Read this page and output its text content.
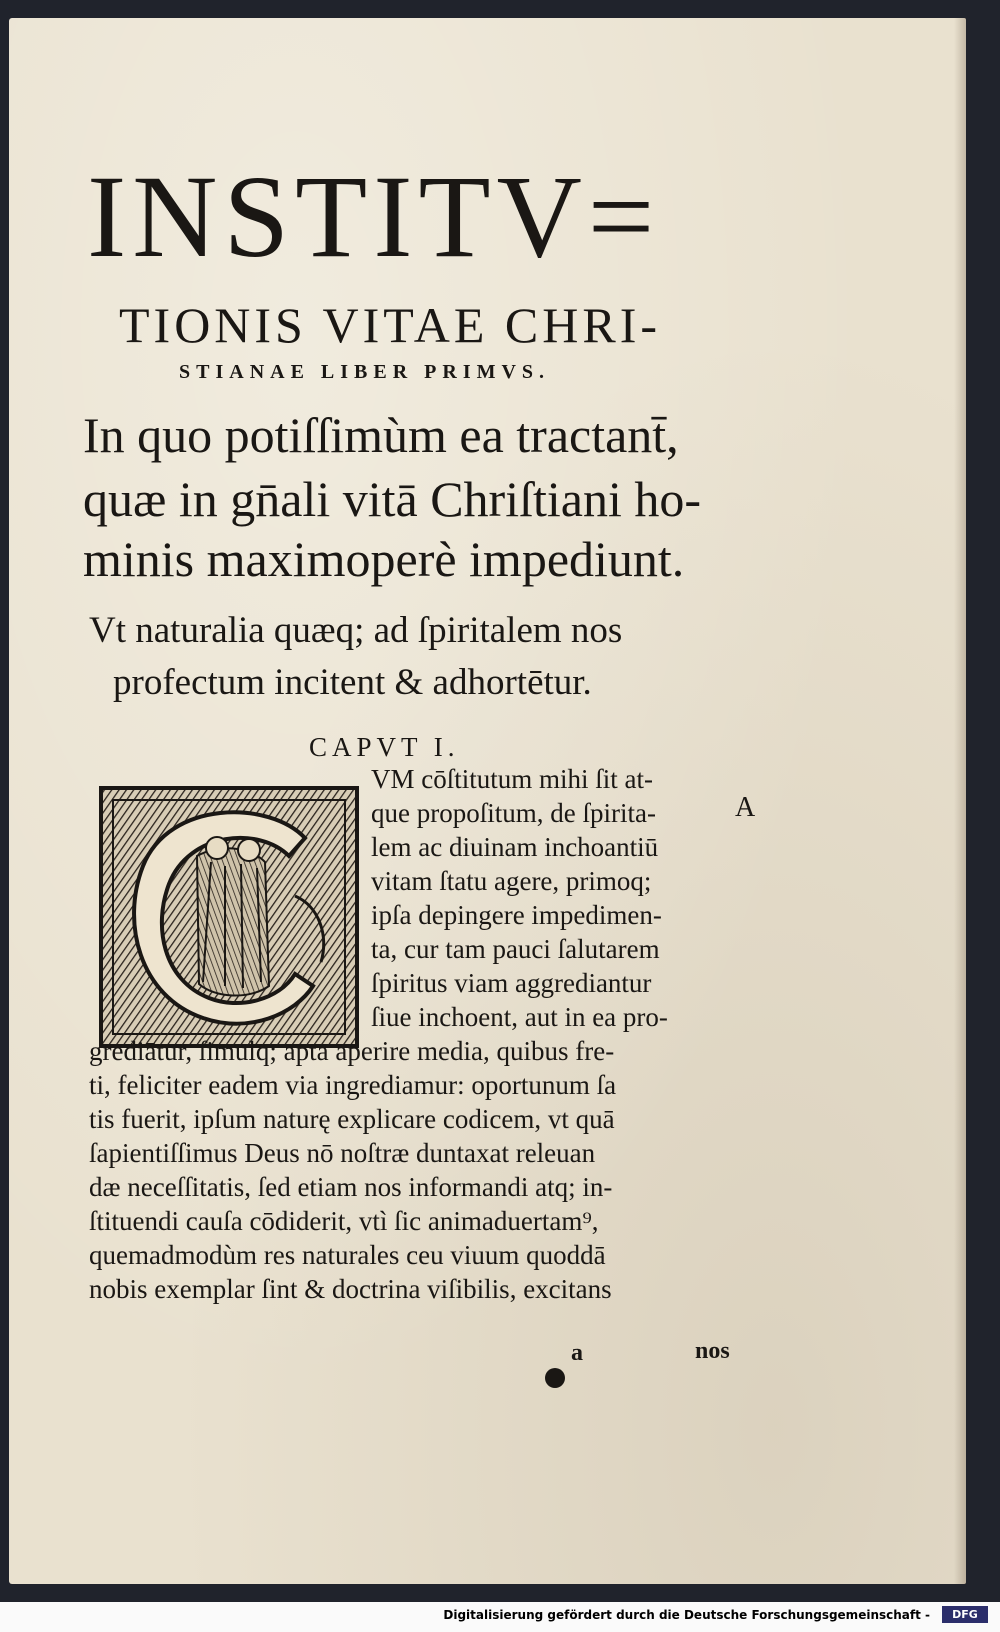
INSTITV=

TIONIS VITAE CHRI-

STIANAE LIBER PRIMVS.

In quo potiſſimùm ea tractant̄,

quæ in gn̄ali vitā Chriſtiani ho-

minis maximoperè impediunt.

Vt naturalia quæq; ad ſpiritalem nos

profectum incitent & adhortētur.

CAPVT I.

A

VM cōſtitutum mihi ſit at-

que propoſitum, de ſpirita-

lem ac diuinam inchoantiū

vitam ſtatu agere, primoq;

ipſa depingere impedimen-

ta, cur tam pauci ſalutarem

ſpiritus viam aggrediantur

ſiue inchoent, aut in ea pro-

grediātur, ſimulq; apta aperire media, quibus fre-

ti, feliciter eadem via ingrediamur: oportunum ſa

tis fuerit, ipſum naturę explicare codicem, vt quā

ſapientiſſimus Deus nō noſtræ duntaxat releuan

dæ neceſſitatis, ſed etiam nos informandi atq; in-

ſtituendi cauſa cōdiderit, vtì ſic animaduertam⁹,

quemadmodùm res naturales ceu viuum quoddā

nobis exemplar ſint & doctrina viſibilis, excitans

a	nos

Digitalisierung gefördert durch die Deutsche Forschungsgemeinschaft -	DFG
